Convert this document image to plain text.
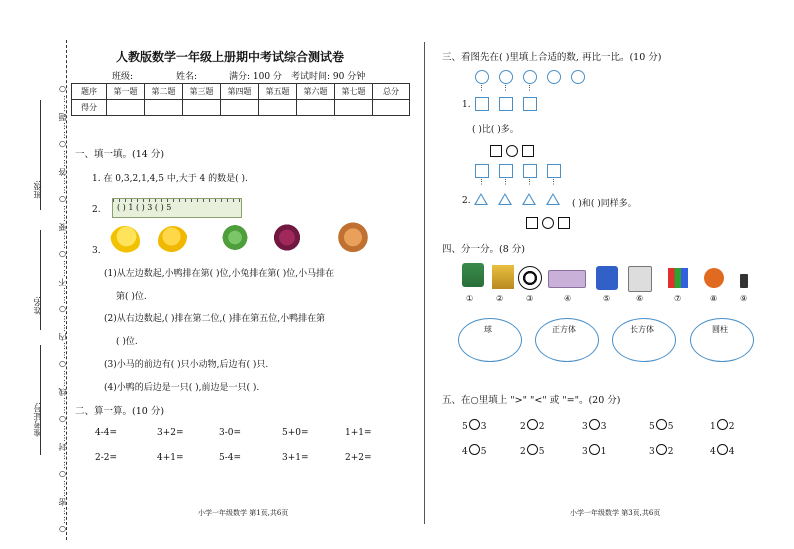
○……密……○……封……○……线……○……内……○……不……○……要……○……答……○……题……○
班级:
姓名:
准考证号:
人教版数学一年级上册期中考试综合测试卷
班级:	姓名:	满分: 100 分 考试时间: 90 分钟
题序	第一题	第二题	第三题	第四题	第五题	第六题	第七题	总分
得分								
一、填一填。(14 分)
1. 在 0,3,2,1,4,5 中,大于 4 的数是( ).
2. ( ) 1 ( ) 3 ( ) 5
3.
(1)从左边数起,小鸭排在第( )位,小兔排在第( )位,小马排在
第( )位.
(2)从右边数起,( )排在第二位,( )排在第五位,小鸭排在第
( )位.
(3)小马的前边有( )只小动物,后边有( )只.
(4)小鸭的后边是一只( ),前边是一只( ).
二、算一算。(10 分)
4-4=	3+2=	3-0=	5+0=	1+1=
2-2=	4+1=	5-4=	3+1=	2+2=
小学一年级数学 第1页,共6页
三、看图先在( )里填上合适的数, 再比一比。(10 分)
⋮ ⋮ ⋮
1.
( )比( )多。
⋮ ⋮ ⋮ ⋮
2.	( )和( )同样多。
四、分一分。(8 分)
①	②	③	④	⑤	⑥	⑦	⑧	⑨
球	正方体	长方体	圆柱
五、在○里填上 ">" "<" 或 "="。(20 分)
5 3	2 2	3 3	5 5	1 2
4 5	2 5	3 1	3 2	4 4
小学一年级数学 第3页,共6页
